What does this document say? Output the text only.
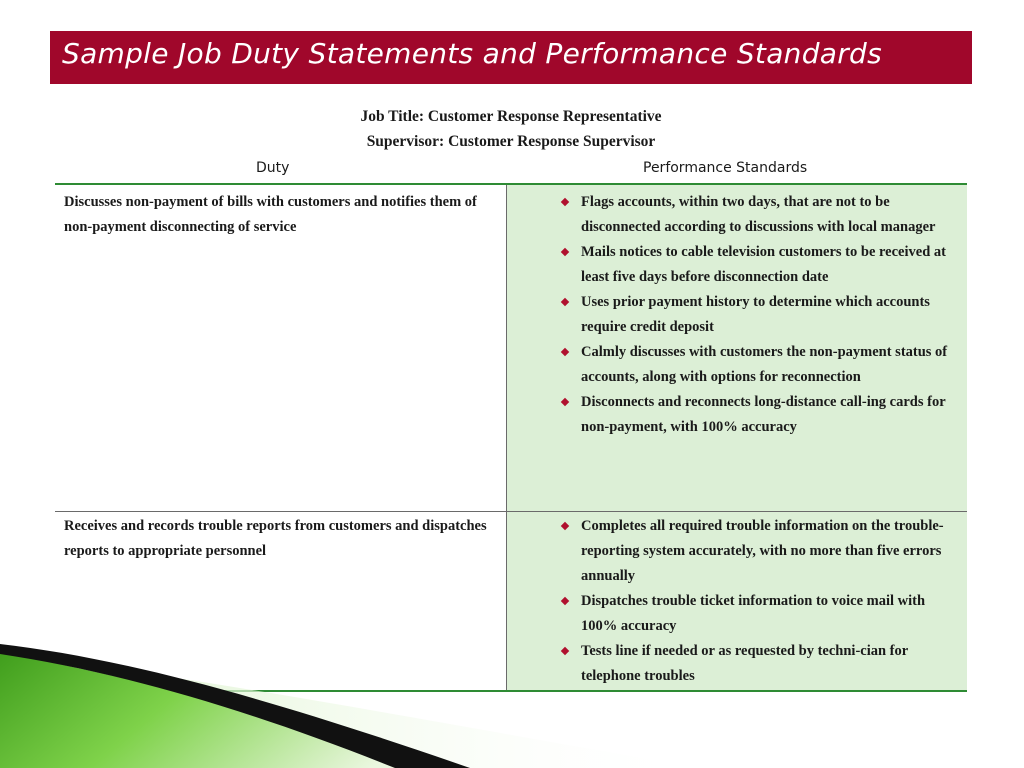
Sample Job Duty Statements and Performance Standards
Job Title: Customer Response Representative
Supervisor: Customer Response Supervisor
Duty	Performance Standards
Discusses non-payment of bills with customers and notifies them of non-payment disconnecting of service
Flags accounts, within two days, that are not to be disconnected according to discussions with local manager
Mails notices to cable television customers to be received at least five days before disconnection date
Uses prior payment history to determine which accounts require credit deposit
Calmly discusses with customers the non-payment status of accounts, along with options for reconnection
Disconnects and reconnects long-distance call-ing cards for non-payment, with 100% accuracy
Receives and records trouble reports from customers and dispatches reports to appropriate personnel
Completes all required trouble information on the trouble-reporting system accurately, with no more than five errors annually
Dispatches trouble ticket information to voice mail with 100% accuracy
Tests line if needed or as requested by techni-cian for telephone troubles
